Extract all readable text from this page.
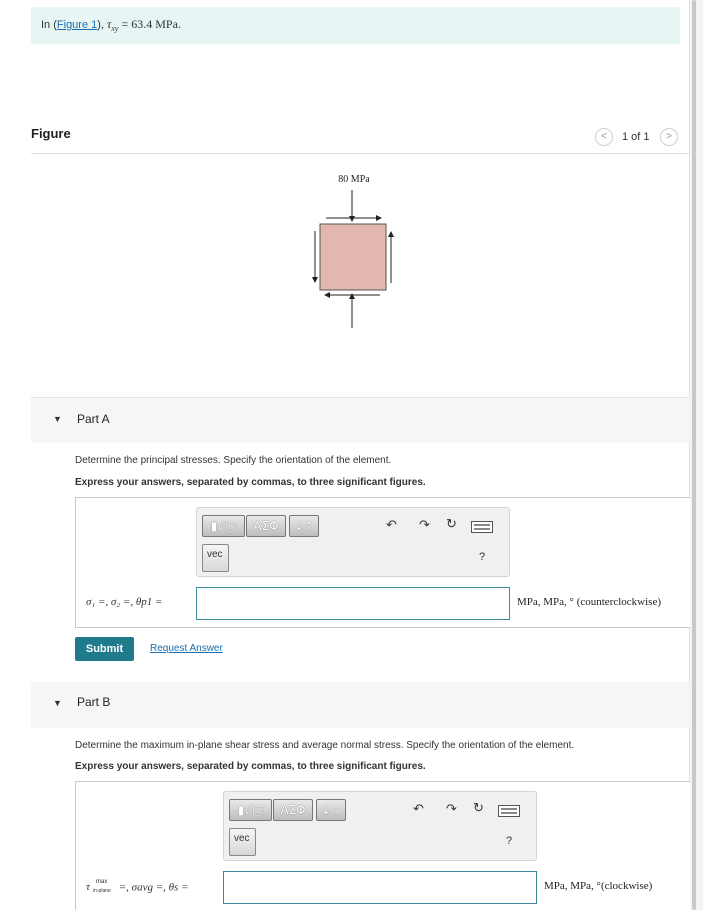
In (Figure 1), $\tau_{xy} = 63.4$ MPa.
Figure	<	1 of 1	>
80 MPa
▼ Part A
Determine the principal stresses. Specify the orientation of the element.
Express your answers, separated by commas, to three significant figures.
▮√▢	ΑΣΦ	↓↑
vec
↶ ↷ ↻
?
σ₁ =, σ₂ =, θp1 =	MPa, MPa, ° (counterclockwise)
Submit	Request Answer
▼ Part B
Determine the maximum in-plane shear stress and average normal stress. Specify the orientation of the element.
Express your answers, separated by commas, to three significant figures.
▮√▢	ΑΣΦ	↓↑
vec
↶ ↷ ↻
?
τ max
in-plane =, σavg =, θs =	MPa, MPa, °(clockwise)
